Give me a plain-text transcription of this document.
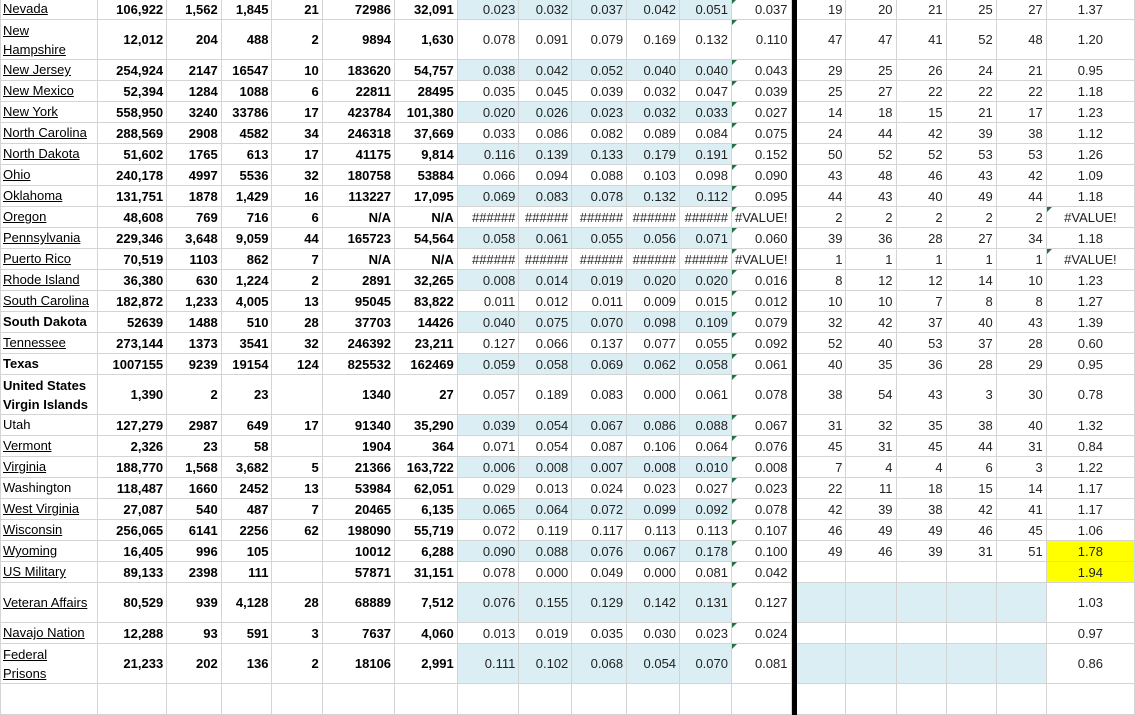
Nevada	106,922	1,562	1,845	21	72986	32,091	0.023	0.032	0.037	0.042	0.051	0.037		19	20	21	25	27	1.37
New Hampshire	12,012	204	488	2	9894	1,630	0.078	0.091	0.079	0.169	0.132	0.110		47	47	41	52	48	1.20
New Jersey	254,924	2147	16547	10	183620	54,757	0.038	0.042	0.052	0.040	0.040	0.043		29	25	26	24	21	0.95
New Mexico	52,394	1284	1088	6	22811	28495	0.035	0.045	0.039	0.032	0.047	0.039		25	27	22	22	22	1.18
New York	558,950	3240	33786	17	423784	101,380	0.020	0.026	0.023	0.032	0.033	0.027		14	18	15	21	17	1.23
North Carolina	288,569	2908	4582	34	246318	37,669	0.033	0.086	0.082	0.089	0.084	0.075		24	44	42	39	38	1.12
North Dakota	51,602	1765	613	17	41175	9,814	0.116	0.139	0.133	0.179	0.191	0.152		50	52	52	53	53	1.26
Ohio	240,178	4997	5536	32	180758	53884	0.066	0.094	0.088	0.103	0.098	0.090		43	48	46	43	42	1.09
Oklahoma	131,751	1878	1,429	16	113227	17,095	0.069	0.083	0.078	0.132	0.112	0.095		44	43	40	49	44	1.18
Oregon	48,608	769	716	6	N/A	N/A	######	######	######	######	######	#VALUE!		2	2	2	2	2	#VALUE!
Pennsylvania	229,346	3,648	9,059	44	165723	54,564	0.058	0.061	0.055	0.056	0.071	0.060		39	36	28	27	34	1.18
Puerto Rico	70,519	1103	862	7	N/A	N/A	######	######	######	######	######	#VALUE!		1	1	1	1	1	#VALUE!
Rhode Island	36,380	630	1,224	2	2891	32,265	0.008	0.014	0.019	0.020	0.020	0.016		8	12	12	14	10	1.23
South Carolina	182,872	1,233	4,005	13	95045	83,822	0.011	0.012	0.011	0.009	0.015	0.012		10	10	7	8	8	1.27
South Dakota	52639	1488	510	28	37703	14426	0.040	0.075	0.070	0.098	0.109	0.079		32	42	37	40	43	1.39
Tennessee	273,144	1373	3541	32	246392	23,211	0.127	0.066	0.137	0.077	0.055	0.092		52	40	53	37	28	0.60
Texas	1007155	9239	19154	124	825532	162469	0.059	0.058	0.069	0.062	0.058	0.061		40	35	36	28	29	0.95
United States Virgin Islands	1,390	2	23		1340	27	0.057	0.189	0.083	0.000	0.061	0.078		38	54	43	3	30	0.78
Utah	127,279	2987	649	17	91340	35,290	0.039	0.054	0.067	0.086	0.088	0.067		31	32	35	38	40	1.32
Vermont	2,326	23	58		1904	364	0.071	0.054	0.087	0.106	0.064	0.076		45	31	45	44	31	0.84
Virginia	188,770	1,568	3,682	5	21366	163,722	0.006	0.008	0.007	0.008	0.010	0.008		7	4	4	6	3	1.22
Washington	118,487	1660	2452	13	53984	62,051	0.029	0.013	0.024	0.023	0.027	0.023		22	11	18	15	14	1.17
West Virginia	27,087	540	487	7	20465	6,135	0.065	0.064	0.072	0.099	0.092	0.078		42	39	38	42	41	1.17
Wisconsin	256,065	6141	2256	62	198090	55,719	0.072	0.119	0.117	0.113	0.113	0.107		46	49	49	46	45	1.06
Wyoming	16,405	996	105		10012	6,288	0.090	0.088	0.076	0.067	0.178	0.100		49	46	39	31	51	1.78
US Military	89,133	2398	111		57871	31,151	0.078	0.000	0.049	0.000	0.081	0.042							1.94
Veteran Affairs	80,529	939	4,128	28	68889	7,512	0.076	0.155	0.129	0.142	0.131	0.127							1.03
Navajo Nation	12,288	93	591	3	7637	4,060	0.013	0.019	0.035	0.030	0.023	0.024							0.97
Federal Prisons	21,233	202	136	2	18106	2,991	0.111	0.102	0.068	0.054	0.070	0.081							0.86
